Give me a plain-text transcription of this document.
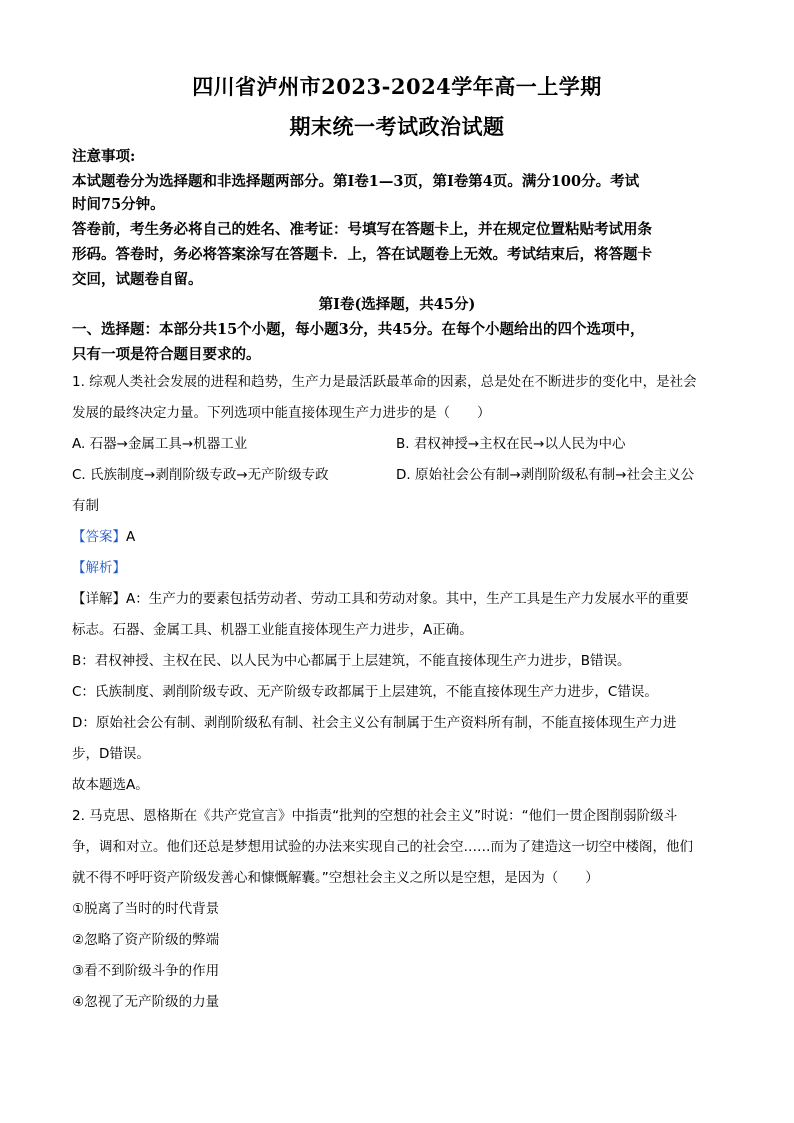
四川省泸州市2023-2024学年高一上学期
期末统一考试政治试题
注意事项:
本试题卷分为选择题和非选择题两部分。第Ⅰ卷1—3页，第Ⅰ卷第4页。满分100分。考试
时间75分钟。
答卷前，考生务必将自己的姓名、准考证：号填写在答题卡上，并在规定位置粘贴考试用条
形码。答卷时，务必将答案涂写在答题卡．上，答在试题卷上无效。考试结束后，将答题卡
交回，试题卷自留。
第Ⅰ卷(选择题，共45分)
一、选择题：本部分共15个小题，每小题3分，共45分。在每个小题给出的四个选项中，
只有一项是符合题目要求的。
1. 综观人类社会发展的进程和趋势，生产力是最活跃最革命的因素，总是处在不断进步的变化中，是社会
发展的最终决定力量。下列选项中能直接体现生产力进步的是（　　）
A. 石器→金属工具→机器工业	B. 君权神授→主权在民→以人民为中心
C. 氏族制度→剥削阶级专政→无产阶级专政	D. 原始社会公有制→剥削阶级私有制→社会主义公
有制
【答案】A
【解析】
【详解】A：生产力的要素包括劳动者、劳动工具和劳动对象。其中，生产工具是生产力发展水平的重要
标志。石器、金属工具、机器工业能直接体现生产力进步，A正确。
B：君权神授、主权在民、以人民为中心都属于上层建筑，不能直接体现生产力进步，B错误。
C：氏族制度、剥削阶级专政、无产阶级专政都属于上层建筑，不能直接体现生产力进步，C错误。
D：原始社会公有制、剥削阶级私有制、社会主义公有制属于生产资料所有制，不能直接体现生产力进
步，D错误。
故本题选A。
2. 马克思、恩格斯在《共产党宣言》中指责“批判的空想的社会主义”时说：“他们一贯企图削弱阶级斗
争，调和对立。他们还总是梦想用试验的办法来实现自己的社会空……而为了建造这一切空中楼阁，他们
就不得不呼吁资产阶级发善心和慷慨解囊。”空想社会主义之所以是空想，是因为（　　）
①脱离了当时的时代背景
②忽略了资产阶级的弊端
③看不到阶级斗争的作用
④忽视了无产阶级的力量
